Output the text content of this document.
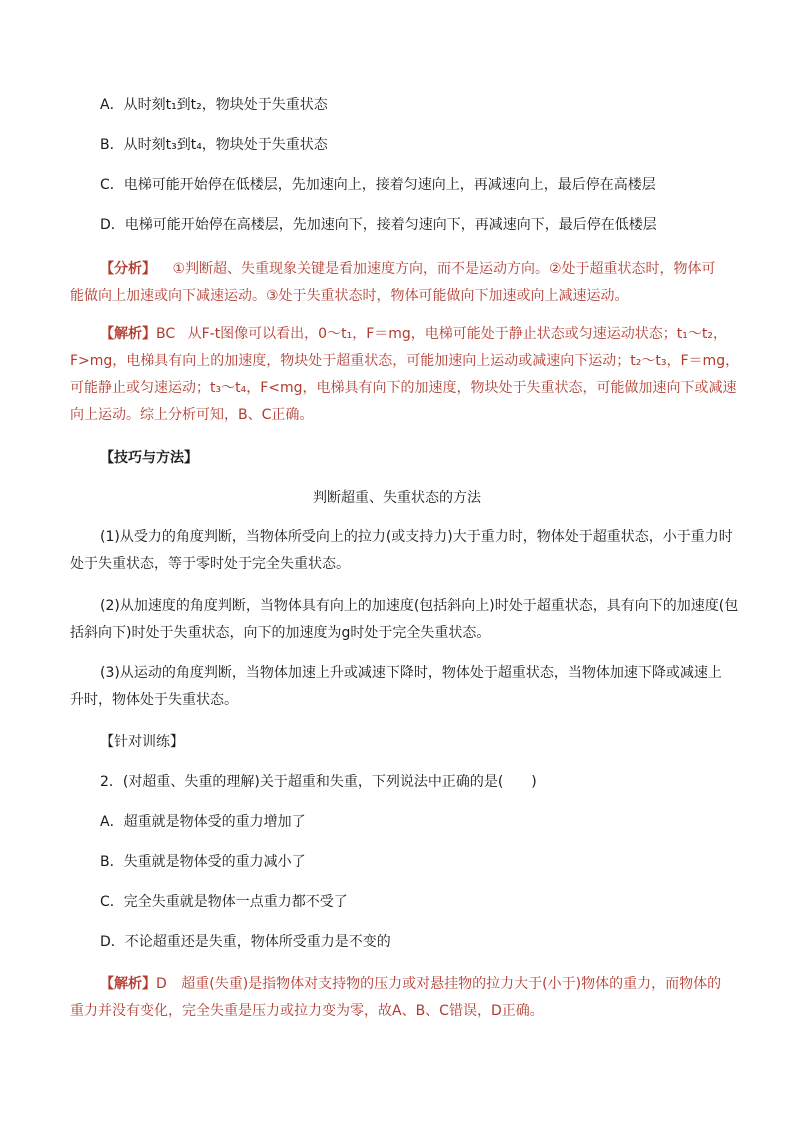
A．从时刻t₁到t₂，物块处于失重状态
B．从时刻t₃到t₄，物块处于失重状态
C．电梯可能开始停在低楼层，先加速向上，接着匀速向上，再减速向上，最后停在高楼层
D．电梯可能开始停在高楼层，先加速向下，接着匀速向下，再减速向下，最后停在低楼层
【分析】 ①判断超、失重现象关键是看加速度方向，而不是运动方向。②处于超重状态时，物体可
能做向上加速或向下减速运动。③处于失重状态时，物体可能做向下加速或向上减速运动。
【解析】BC 从F-t图像可以看出，0～t₁，F＝mg，电梯可能处于静止状态或匀速运动状态；t₁～t₂，
F>mg，电梯具有向上的加速度，物块处于超重状态，可能加速向上运动或减速向下运动；t₂～t₃，F＝mg，
可能静止或匀速运动；t₃～t₄，F<mg，电梯具有向下的加速度，物块处于失重状态，可能做加速向下或减速
向上运动。综上分析可知，B、C正确。
【技巧与方法】
判断超重、失重状态的方法
(1)从受力的角度判断，当物体所受向上的拉力(或支持力)大于重力时，物体处于超重状态，小于重力时
处于失重状态，等于零时处于完全失重状态。
(2)从加速度的角度判断，当物体具有向上的加速度(包括斜向上)时处于超重状态，具有向下的加速度(包
括斜向下)时处于失重状态，向下的加速度为g时处于完全失重状态。
(3)从运动的角度判断，当物体加速上升或减速下降时，物体处于超重状态，当物体加速下降或减速上
升时，物体处于失重状态。
【针对训练】
2．(对超重、失重的理解)关于超重和失重，下列说法中正确的是(　　)
A．超重就是物体受的重力增加了
B．失重就是物体受的重力减小了
C．完全失重就是物体一点重力都不受了
D．不论超重还是失重，物体所受重力是不变的
【解析】D 超重(失重)是指物体对支持物的压力或对悬挂物的拉力大于(小于)物体的重力，而物体的
重力并没有变化，完全失重是压力或拉力变为零，故A、B、C错误，D正确。
